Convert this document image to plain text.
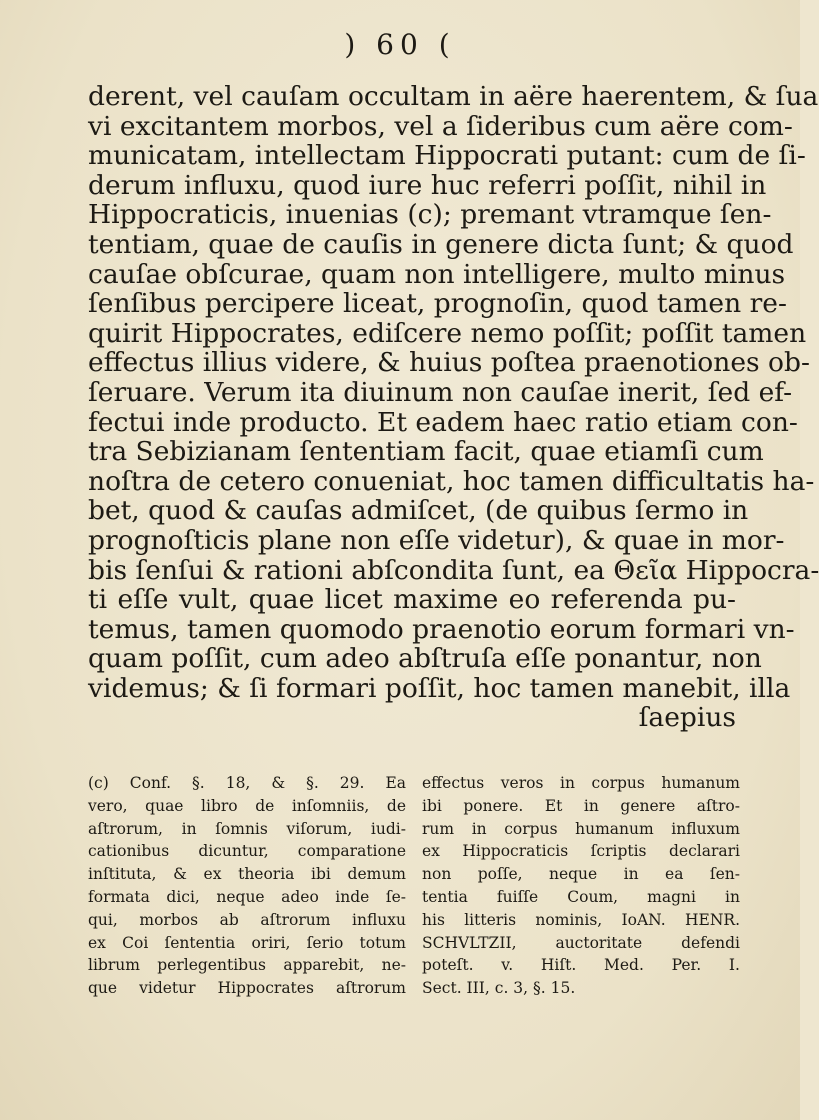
) 60 (
derent, vel cauſam occultam in aëre haerentem, & ſua
vi excitantem morbos, vel a ſideribus cum aëre com-
municatam, intellectam Hippocrati putant: cum de ſi-
derum influxu, quod iure huc referri poſſit, nihil in
Hippocraticis, inuenias (c); premant vtramque ſen-
tentiam, quae de cauſis in genere dicta ſunt; & quod
cauſae obſcurae, quam non intelligere, multo minus
ſenſibus percipere liceat, prognoſin, quod tamen re-
quirit Hippocrates, ediſcere nemo poſſit; poſſit tamen
effectus illius videre, & huius poſtea praenotiones ob-
ſeruare. Verum ita diuinum non cauſae inerit, ſed ef-
fectui inde producto. Et eadem haec ratio etiam con-
tra Sebizianam ſententiam facit, quae etiamſi cum
noſtra de cetero conueniat, hoc tamen difficultatis ha-
bet, quod & cauſas admiſcet, (de quibus ſermo in
prognoſticis plane non eſſe videtur), & quae in mor-
bis ſenſui & rationi abſcondita ſunt, ea Θεῖα Hippocra-
ti eſſe vult, quae licet maxime eo referenda pu-
temus, tamen quomodo praenotio eorum formari vn-
quam poſſit, cum adeo abſtruſa eſſe ponantur, non
videmus; & ſi formari poſſit, hoc tamen manebit, illa
ſaepius
(c) Conf. §. 18, & §. 29. Ea
vero, quae libro de inſomniis, de
aſtrorum, in ſomnis viſorum, iudi-
cationibus dicuntur, comparatione
inſtituta, & ex theoria ibi demum
formata dici, neque adeo inde ſe-
qui, morbos ab aſtrorum influxu
ex Coi ſententia oriri, ſerio totum
librum perlegentibus apparebit, ne-
que videtur Hippocrates aſtrorum
effectus veros in corpus humanum
ibi ponere. Et in genere aſtro-
rum in corpus humanum influxum
ex Hippocraticis ſcriptis declarari
non poſſe, neque in ea ſen-
tentia fuiſſe Coum, magni in
his litteris nominis, IoAN. HENR.
SCHVLTZII, auctoritate defendi
poteſt. v. Hiſt. Med. Per. I.
Sect. III, c. 3, §. 15.
